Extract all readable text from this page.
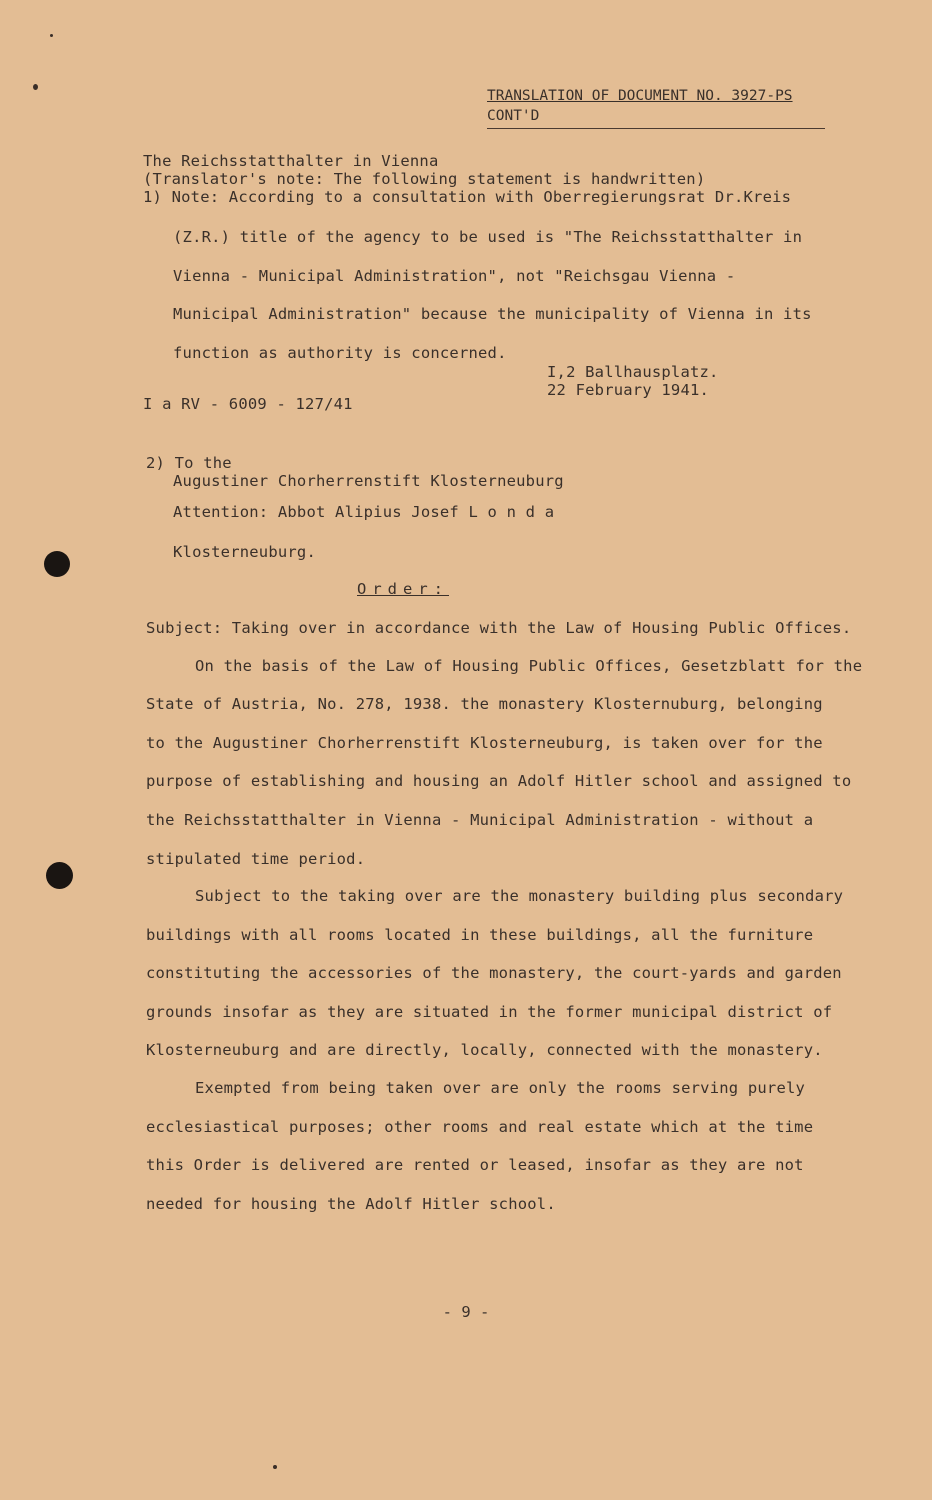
TRANSLATION OF DOCUMENT NO. 3927-PS
CONT'D
The Reichsstatthalter in Vienna
(Translator's note: The following statement is handwritten)
1) Note: According to a consultation with Oberregierungsrat Dr.Kreis
(Z.R.) title of the agency to be used is "The Reichsstatthalter in
Vienna - Municipal Administration", not "Reichsgau Vienna -
Municipal Administration" because the municipality of Vienna in its
function as authority is concerned.
I,2 Ballhausplatz.
22 February 1941.
I a RV - 6009 - 127/41
2) To the
Augustiner Chorherrenstift Klosterneuburg
Attention: Abbot Alipius Josef L o n d a
Klosterneuburg.
Order:
Subject: Taking over in accordance with the Law of Housing Public Offices.
On the basis of the Law of Housing Public Offices, Gesetzblatt for the
State of Austria, No. 278, 1938. the monastery Klosternuburg, belonging
to the Augustiner Chorherrenstift Klosterneuburg, is taken over for the
purpose of establishing and housing an Adolf Hitler school and assigned to
the Reichsstatthalter in Vienna - Municipal Administration - without a
stipulated time period.
Subject to the taking over are the monastery building plus secondary
buildings with all rooms located in these buildings, all the furniture
constituting the accessories of the monastery, the court-yards and garden
grounds insofar as they are situated in the former municipal district of
Klosterneuburg and are directly, locally, connected with the monastery.
Exempted from being taken over are only the rooms serving purely
ecclesiastical purposes; other rooms and real estate which at the time
this Order is delivered are rented or leased, insofar as they are not
needed for housing the Adolf Hitler school.
- 9 -
